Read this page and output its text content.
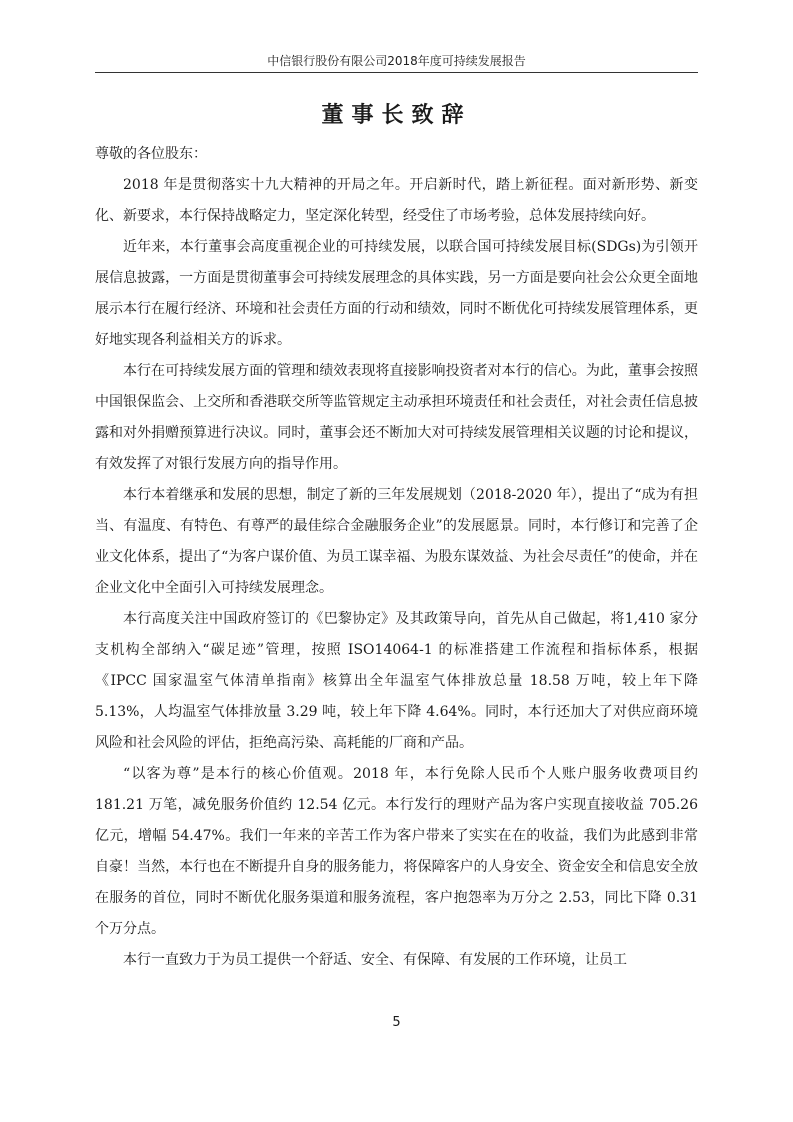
中信银行股份有限公司2018年度可持续发展报告
董事长致辞

尊敬的各位股东：

2018 年是贯彻落实十九大精神的开局之年。开启新时代，踏上新征程。面对新形势、新变化、新要求，本行保持战略定力，坚定深化转型，经受住了市场考验，总体发展持续向好。

近年来，本行董事会高度重视企业的可持续发展，以联合国可持续发展目标(SDGs)为引领开展信息披露，一方面是贯彻董事会可持续发展理念的具体实践，另一方面是要向社会公众更全面地展示本行在履行经济、环境和社会责任方面的行动和绩效，同时不断优化可持续发展管理体系，更好地实现各利益相关方的诉求。

本行在可持续发展方面的管理和绩效表现将直接影响投资者对本行的信心。为此，董事会按照中国银保监会、上交所和香港联交所等监管规定主动承担环境责任和社会责任，对社会责任信息披露和对外捐赠预算进行决议。同时，董事会还不断加大对可持续发展管理相关议题的讨论和提议，有效发挥了对银行发展方向的指导作用。

本行本着继承和发展的思想，制定了新的三年发展规划（2018-2020 年），提出了“成为有担当、有温度、有特色、有尊严的最佳综合金融服务企业”的发展愿景。同时，本行修订和完善了企业文化体系，提出了“为客户谋价值、为员工谋幸福、为股东谋效益、为社会尽责任”的使命，并在企业文化中全面引入可持续发展理念。

本行高度关注中国政府签订的《巴黎协定》及其政策导向，首先从自己做起，将1,410 家分支机构全部纳入“碳足迹”管理，按照 ISO14064-1 的标准搭建工作流程和指标体系，根据《IPCC 国家温室气体清单指南》核算出全年温室气体排放总量 18.58 万吨，较上年下降 5.13%，人均温室气体排放量 3.29 吨，较上年下降 4.64%。同时，本行还加大了对供应商环境风险和社会风险的评估，拒绝高污染、高耗能的厂商和产品。

“以客为尊”是本行的核心价值观。2018 年，本行免除人民币个人账户服务收费项目约 181.21 万笔，减免服务价值约 12.54 亿元。本行发行的理财产品为客户实现直接收益 705.26 亿元，增幅 54.47%。我们一年来的辛苦工作为客户带来了实实在在的收益，我们为此感到非常自豪！当然，本行也在不断提升自身的服务能力，将保障客户的人身安全、资金安全和信息安全放在服务的首位，同时不断优化服务渠道和服务流程，客户抱怨率为万分之 2.53，同比下降 0.31 个万分点。

本行一直致力于为员工提供一个舒适、安全、有保障、有发展的工作环境，让员工

5
